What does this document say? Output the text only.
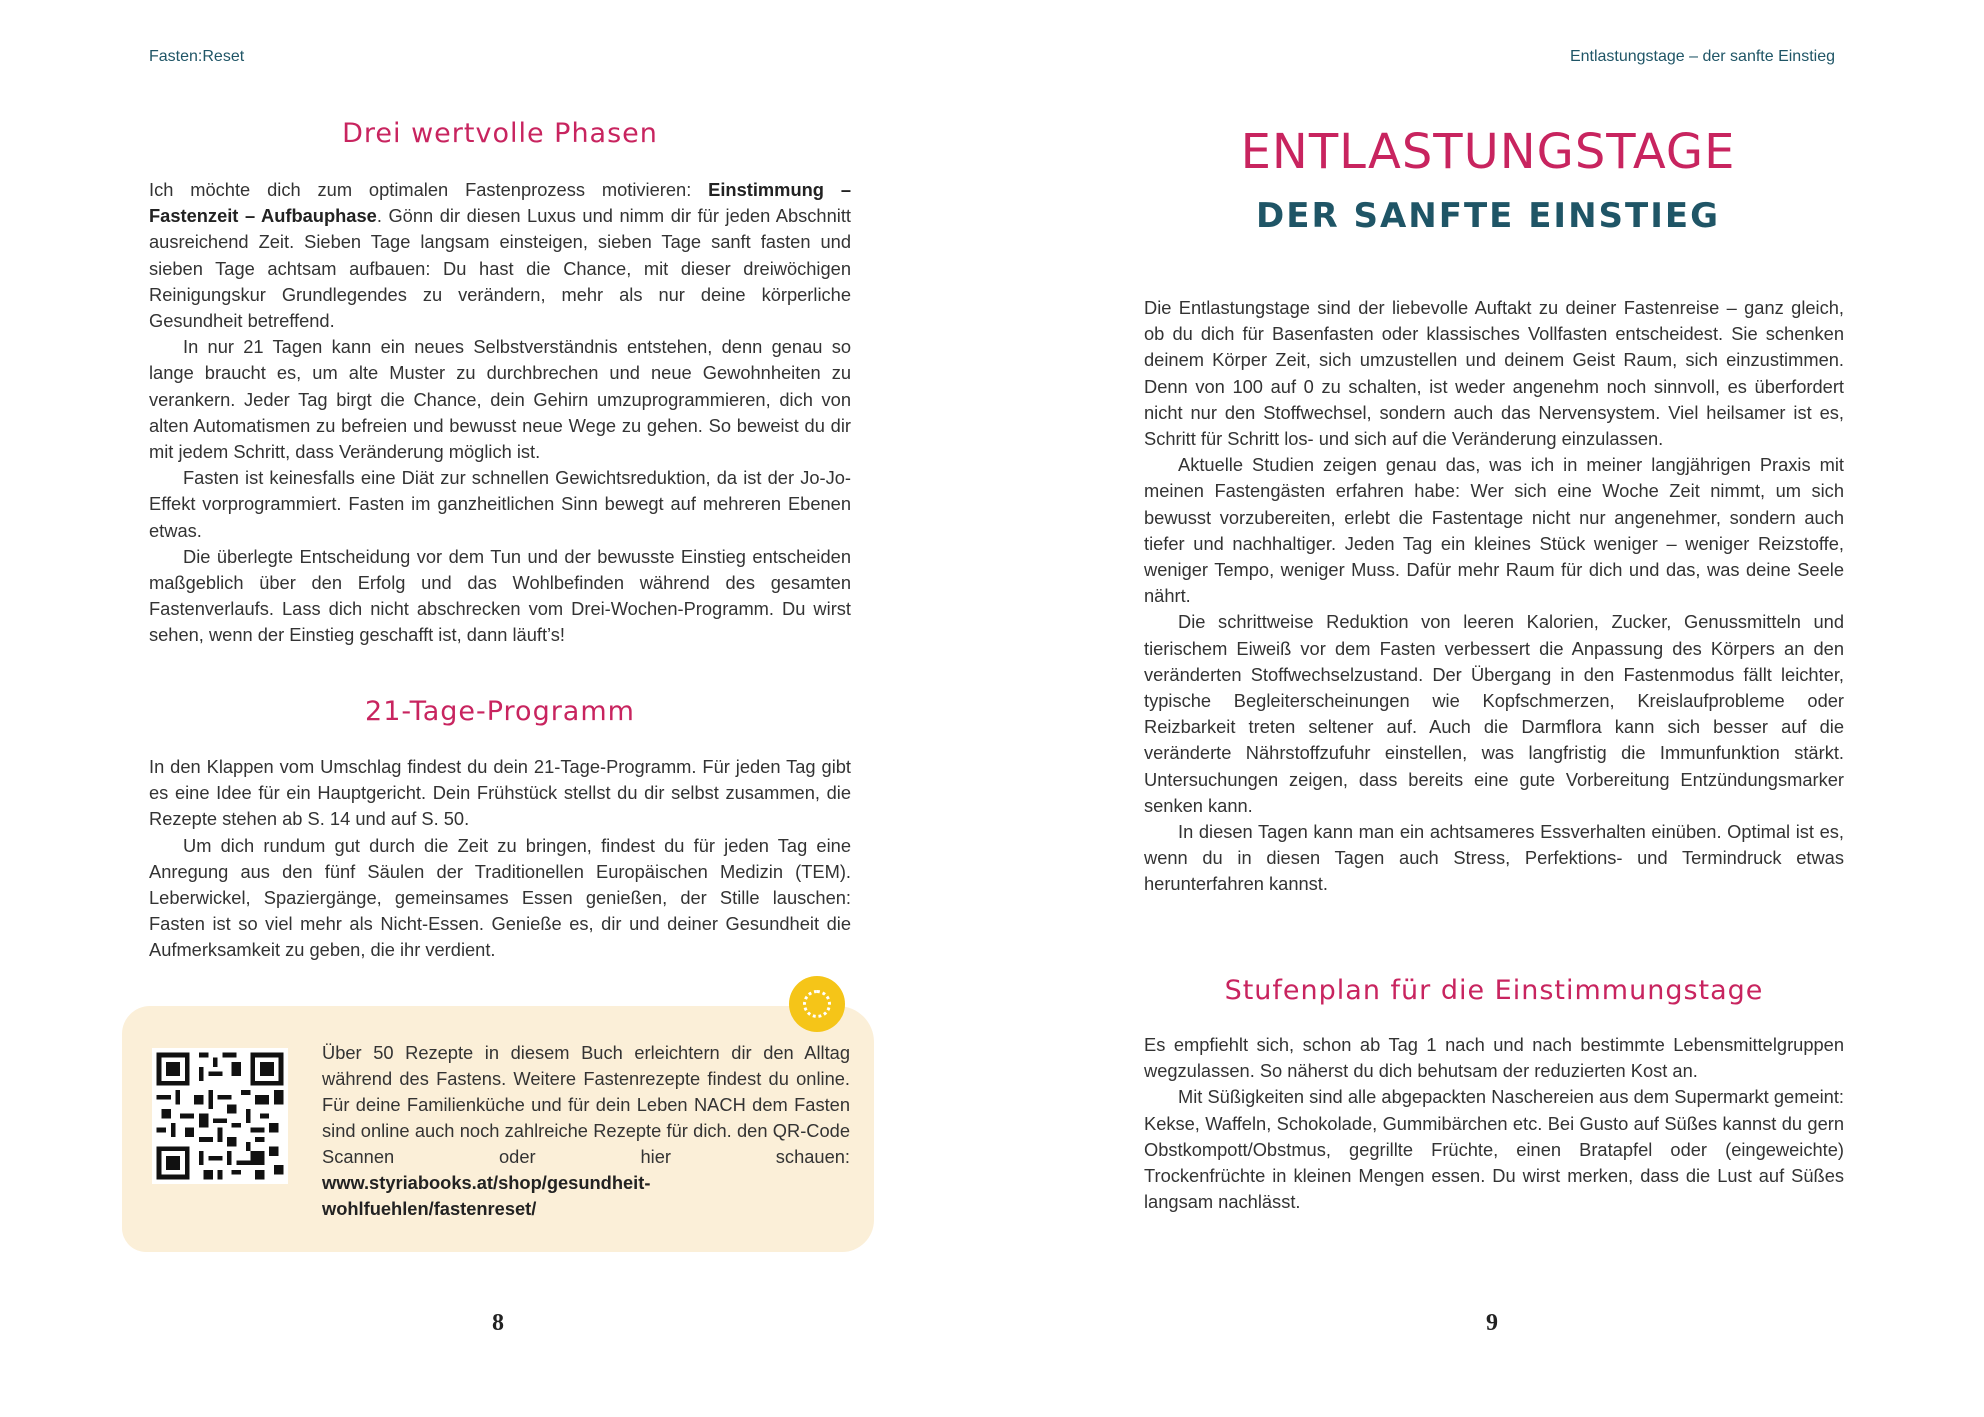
Fasten:Reset
Drei wertvolle Phasen

Ich möchte dich zum optimalen Fastenprozess motivieren: Einstimmung – Fastenzeit – Aufbauphase. Gönn dir diesen Luxus und nimm dir für jeden Abschnitt ausreichend Zeit. Sieben Tage langsam einsteigen, sieben Tage sanft fasten und sieben Tage achtsam aufbauen: Du hast die Chance, mit dieser dreiwöchigen Reinigungskur Grundlegendes zu verändern, mehr als nur deine körperliche Gesundheit betreffend.

In nur 21 Tagen kann ein neues Selbstverständnis entstehen, denn genau so lange braucht es, um alte Muster zu durchbrechen und neue Gewohnheiten zu verankern. Jeder Tag birgt die Chance, dein Gehirn umzuprogrammieren, dich von alten Automatismen zu befreien und bewusst neue Wege zu gehen. So beweist du dir mit jedem Schritt, dass Veränderung möglich ist.

Fasten ist keinesfalls eine Diät zur schnellen Gewichtsreduktion, da ist der Jo-Jo-Effekt vorprogrammiert. Fasten im ganzheitlichen Sinn bewegt auf mehreren Ebenen etwas.

Die überlegte Entscheidung vor dem Tun und der bewusste Einstieg entscheiden maßgeblich über den Erfolg und das Wohlbefinden während des gesamten Fastenverlaufs. Lass dich nicht abschrecken vom Drei-Wochen-Programm. Du wirst sehen, wenn der Einstieg geschafft ist, dann läuft’s!

21-Tage-Programm

In den Klappen vom Umschlag findest du dein 21-Tage-Programm. Für jeden Tag gibt es eine Idee für ein Hauptgericht. Dein Frühstück stellst du dir selbst zusammen, die Rezepte stehen ab S. 14 und auf S. 50.

Um dich rundum gut durch die Zeit zu bringen, findest du für jeden Tag eine Anregung aus den fünf Säulen der Traditionellen Europäischen Medizin (TEM). Leberwickel, Spaziergänge, gemeinsames Essen genießen, der Stille lauschen: Fasten ist so viel mehr als Nicht-Essen. Genieße es, dir und deiner Gesundheit die Aufmerksamkeit zu geben, die ihr verdient.

Über 50 Rezepte in diesem Buch erleichtern dir den Alltag während des Fastens. Weitere Fastenrezepte findest du online. Für deine Familienküche und für dein Leben NACH dem Fasten sind online auch noch zahlreiche Rezepte für dich. den QR-Code Scannen oder hier schauen: www.styriabooks.at/shop/gesundheit-wohlfuehlen/fastenreset/
8
Entlastungstage – der sanfte Einstieg
ENTLASTUNGSTAGE
DER SANFTE EINSTIEG

Die Entlastungstage sind der liebevolle Auftakt zu deiner Fastenreise – ganz gleich, ob du dich für Basenfasten oder klassisches Vollfasten entscheidest. Sie schenken deinem Körper Zeit, sich umzustellen und deinem Geist Raum, sich einzustimmen. Denn von 100 auf 0 zu schalten, ist weder angenehm noch sinnvoll, es überfordert nicht nur den Stoffwechsel, sondern auch das Nervensystem. Viel heilsamer ist es, Schritt für Schritt los- und sich auf die Veränderung einzulassen.

Aktuelle Studien zeigen genau das, was ich in meiner langjährigen Praxis mit meinen Fastengästen erfahren habe: Wer sich eine Woche Zeit nimmt, um sich bewusst vorzubereiten, erlebt die Fastentage nicht nur angenehmer, sondern auch tiefer und nachhaltiger. Jeden Tag ein kleines Stück weniger – weniger Reizstoffe, weniger Tempo, weniger Muss. Dafür mehr Raum für dich und das, was deine Seele nährt.

Die schrittweise Reduktion von leeren Kalorien, Zucker, Genussmitteln und tierischem Eiweiß vor dem Fasten verbessert die Anpassung des Körpers an den veränderten Stoffwechselzustand. Der Übergang in den Fastenmodus fällt leichter, typische Begleiterscheinungen wie Kopfschmerzen, Kreislaufprobleme oder Reizbarkeit treten seltener auf. Auch die Darmflora kann sich besser auf die veränderte Nährstoffzufuhr einstellen, was langfristig die Immunfunktion stärkt. Untersuchungen zeigen, dass bereits eine gute Vorbereitung Entzündungsmarker senken kann.

In diesen Tagen kann man ein achtsameres Essverhalten einüben. Optimal ist es, wenn du in diesen Tagen auch Stress, Perfektions- und Termindruck etwas herunterfahren kannst.

Stufenplan für die Einstimmungstage

Es empfiehlt sich, schon ab Tag 1 nach und nach bestimmte Lebensmittelgruppen wegzulassen. So näherst du dich behutsam der reduzierten Kost an.

Mit Süßigkeiten sind alle abgepackten Naschereien aus dem Supermarkt gemeint: Kekse, Waffeln, Schokolade, Gummibärchen etc. Bei Gusto auf Süßes kannst du gern Obstkompott/Obstmus, gegrillte Früchte, einen Bratapfel oder (eingeweichte) Trockenfrüchte in kleinen Mengen essen. Du wirst merken, dass die Lust auf Süßes langsam nachlässt.

9
